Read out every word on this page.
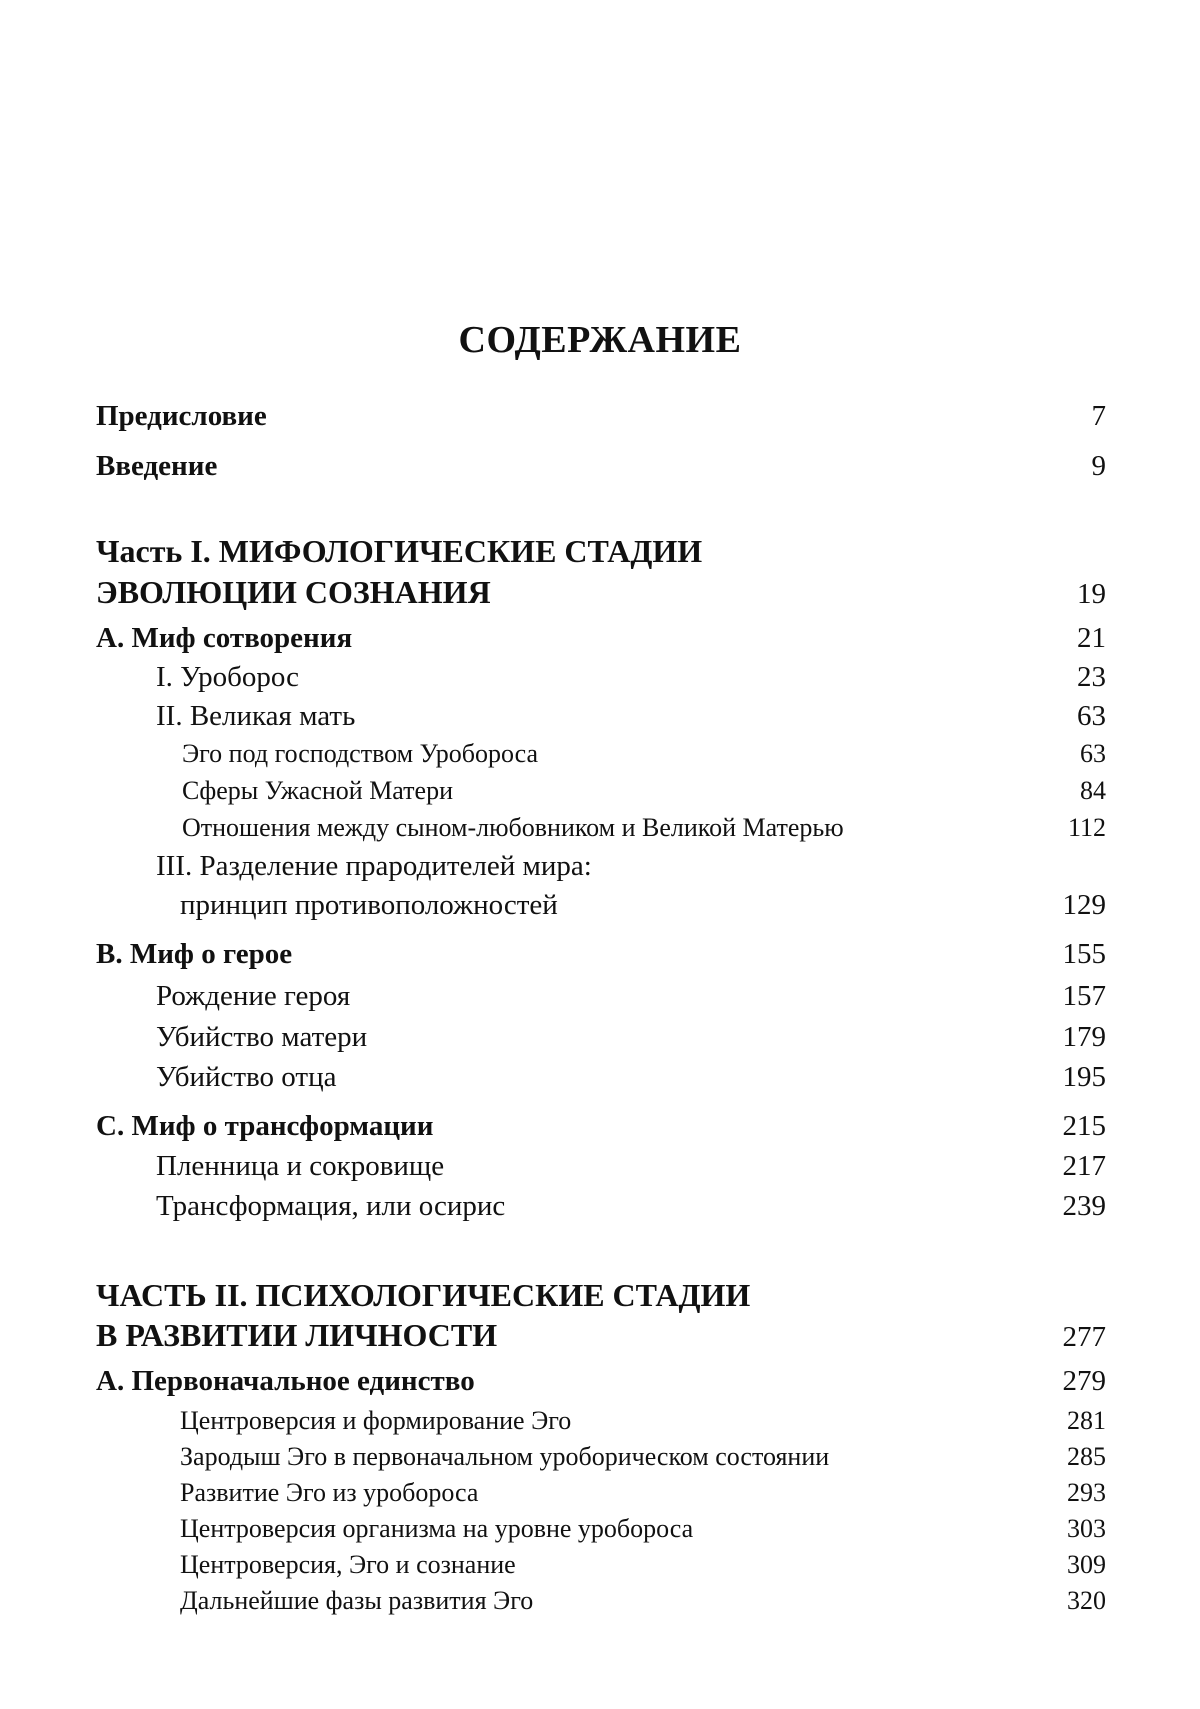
СОДЕРЖАНИЕ
Предисловие	7
Введение	9
Часть I. МИФОЛОГИЧЕСКИЕ СТАДИИ
ЭВОЛЮЦИИ СОЗНАНИЯ	19
А. Миф сотворения	21
I. Уроборос	23
II. Великая мать	63
Эго под господством Уробороса	63
Сферы Ужасной Матери	84
Отношения между сыном-любовником и Великой Матерью	112
III. Разделение прародителей мира:
принцип противоположностей	129
В. Миф о герое	155
Рождение героя	157
Убийство матери	179
Убийство отца	195
С. Миф о трансформации	215
Пленница и сокровище	217
Трансформация, или осирис	239
ЧАСТЬ II. ПСИХОЛОГИЧЕСКИЕ СТАДИИ
В РАЗВИТИИ ЛИЧНОСТИ	277
А. Первоначальное единство	279
Центроверсия и формирование Эго	281
Зародыш Эго в первоначальном уроборическом состоянии	285
Развитие Эго из уробороса	293
Центроверсия организма на уровне уробороса	303
Центроверсия, Эго и сознание	309
Дальнейшие фазы развития Эго	320
